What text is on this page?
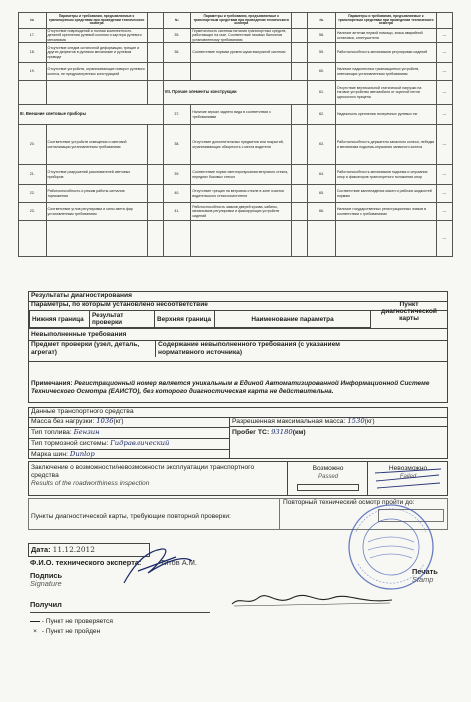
№	Параметры и требования, предъявляемые к транспортным средствам при проведении технического осмотра		№	Параметры и требования, предъявляемые к транспортным средствам при проведении технического осмотра		№	Параметры и требования, предъявляемые к транспортным средствам при проведении технического осмотра	
17.	Отсутствие повреждений и полная комплектность деталей крепления рулевой колонки и картера рулевого механизма		35.	Герметичность системы питания транспортных средств, работающих на газе. Соответствие газовых баллонов установленному требованиям		58.	Наличие аптечки первой помощи, знака аварийной остановки, огнетушителя	—
18.	Отсутствие следов остаточной деформации, трещин и других дефектов в рулевом механизме и рулевом приводе		36.	Соответствие нормам уровня шума выпускной системы		59.	Работоспособность механизмов регулировки сидений	—
19.	Отсутствие устройств, ограничивающих поворот рулевого колеса, не предусмотренных конструкцией					60.	Наличие надколесных грязезащитных устройств, отвечающих установленным требованиям	—
			VII. Прочие элементы конструкции			61.	Отсутствие вертикальной статической нагрузки на тяговое устройство автомобиля от сцепной петли одноосного прицепа	—
III. Внешние световые приборы			37.	Наличие зеркал заднего вида в соответствии с требованиями		62.	Надежность крепления поперечных рулевых тяг	—
20.	Соответствие устройств освещения и световой сигнализации установленным требованиям		38.	Отсутствие дополнительных предметов или покрытий, ограничивающих обзорность с места водителя		63.	Работоспособность держателя запасного колеса, лебедки и механизма подъема-опускания запасного колеса	—
21.	Отсутствие разрушений рассеивателей световых приборов		39.	Соответствие норме светопропускания ветрового стекла, передних боковых стекол		64.	Работоспособность механизмов подъема и опускания опор и фиксаторов транспортного положения опор	—
22.	Работоспособность и режим работы сигналов торможения		40.	Отсутствие трещин на ветровом стекле в зоне очистки водительского стеклоочистителя		65.	Соответствие каплепадения масел и рабочих жидкостей нормам	—
23.	Соответствие углов регулировки и силы света фар установленным требованиям		41.	Работоспособность замков дверей кузова, кабины, механизмов регулировки и фиксирующих устройств сидений		66.	Наличие государственных регистрационных знаков в соответствии с требованиями	—
								—
Результаты диагностирования
Параметры, по которым установлено несоответствие	Пункт диагностической карты
Нижняя граница	Результат проверки	Верхняя граница	Наименование параметра
Невыполненные требования
Предмет проверки (узел, деталь, агрегат)
Содержание невыполненного требования (с указанием нормативного источника)
Примечания: Регистрационный номер является уникальным в Единой Автоматизированной Информационной Системе Технического Осмотра (ЕАИСТО), без которого диагностическая карта не действительна.
Данные транспортного средства
Масса без нагрузки: 1036(кг)
Тип топлива: Бензин
Тип тормозной системы: Гидравлический
Марка шин: Dunlop
Разрешенная максимальная масса: 1530(кг)
Пробег ТС: 93180(км)
Заключение о возможности/невозможности эксплуатации транспортного средства
Results of the roadworthiness inspection
Возможно
Passed
Невозможно
Failed
Пункты диагностической карты, требующие повторной проверки:
Повторный технический осмотр пройти до:
Дата: 11.12.2012
Ф.И.О. технического эксперта:	Титов А.М.
Подпись
Signature
Печать
Stamp
Получил
- Пункт не проверяется
× - Пункт не пройден
